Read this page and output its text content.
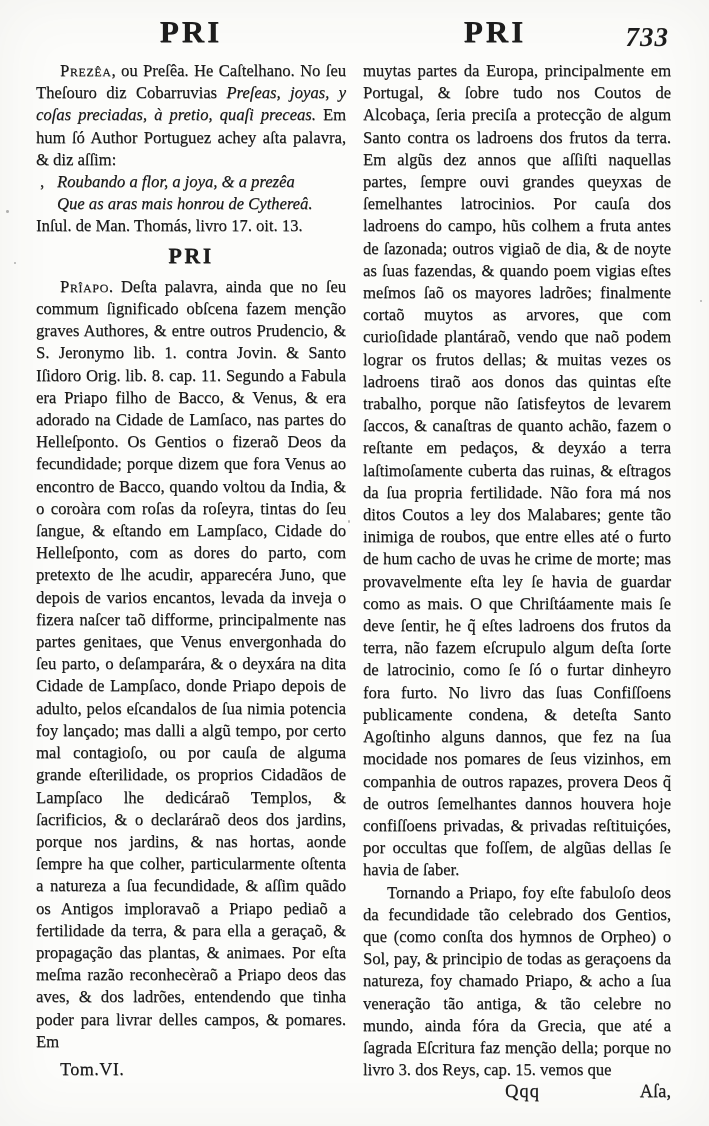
PRI	PRI	733

Prezêa, ou Preſêa. He Caſtelhano. No ſeu Theſouro diz Cobarruvias Preſeas, joyas, y coſas preciadas, à pretio, quaſi preceas. Em hum ſó Author Portuguez achey aſta palavra, & diz aſſim:

, Roubando a flor, a joya, & a prezêa
Que as aras mais honrou de Cythereâ.

Inſul. de Man. Thomás, livro 17. oit. 13.

PRI

Prîapo. Deſta palavra, ainda que no ſeu commum ſignificado obſcena fazem menção graves Authores, & entre outros Prudencio, & S. Jeronymo lib. 1. contra Jovin. & Santo Iſidoro Orig. lib. 8. cap. 11. Segundo a Fabula era Priapo filho de Bacco, & Venus, & era adorado na Cidade de Lamſaco, nas partes do Helleſponto. Os Gentios o fizeraõ Deos da fecundidade; porque dizem que fora Venus ao encontro de Bacco, quando voltou da India, & o coroàra com roſas da roſeyra, tintas do ſeu ſangue, & eſtando em Lampſaco, Cidade do Helleſponto, com as dores do parto, com pretexto de lhe acudir, apparecéra Juno, que depois de varios encantos, levada da inveja o fizera naſcer taõ difforme, principalmente nas partes genitaes, que Venus envergonhada do ſeu parto, o deſamparára, & o deyxára na dita Cidade de Lampſaco, donde Priapo depois de adulto, pelos eſcandalos de ſua nimia potencia foy lançado; mas dalli a algũ tempo, por certo mal contagioſo, ou por cauſa de alguma grande eſterilidade, os proprios Cidadãos de Lampſaco lhe dedicáraõ Templos, & ſacrificios, & o declaráraõ deos dos jardins, porque nos jardins, & nas hortas, aonde ſempre ha que colher, particularmente oſtenta a natureza a ſua fecundidade, & aſſim quãdo os Antigos imploravaõ a Priapo pediaõ a fertilidade da terra, & para ella a geraçaõ, & propagação das plantas, & animaes. Por eſta meſma razão reconhecèraõ a Priapo deos das aves, & dos ladrões, entendendo que tinha poder para livrar delles campos, & pomares. Em

Tom.VI.

muytas partes da Europa, principalmente em Portugal, & ſobre tudo nos Coutos de Alcobaça, ſeria preciſa a protecção de algum Santo contra os ladroens dos frutos da terra. Em algũs dez annos que aſſiſti naquellas partes, ſempre ouvi grandes queyxas de ſemelhantes latrocinios. Por cauſa dos ladroens do campo, hũs colhem a fruta antes de ſazonada; outros vigiaõ de dia, & de noyte as ſuas fazendas, & quando poem vigias eſtes meſmos ſaõ os mayores ladrões; finalmente cortaõ muytos as arvores, que com curioſidade plantáraõ, vendo que naõ podem lograr os frutos dellas; & muitas vezes os ladroens tiraõ aos donos das quintas eſte trabalho, porque não ſatisfeytos de levarem ſaccos, & canaſtras de quanto achão, fazem o reſtante em pedaços, & deyxáo a terra laſtimoſamente cuberta das ruinas, & eſtragos da ſua propria fertilidade. Não fora má nos ditos Coutos a ley dos Malabares; gente tão inimiga de roubos, que entre elles até o furto de hum cacho de uvas he crime de morte; mas provavelmente eſta ley ſe havia de guardar como as mais. O que Chriſtáamente mais ſe deve ſentir, he q̃ eſtes ladroens dos frutos da terra, não fazem eſcrupulo algum deſta ſorte de latrocinio, como ſe ſó o furtar dinheyro fora furto. No livro das ſuas Confiſſoens publicamente condena, & deteſta Santo Agoſtinho alguns dannos, que fez na ſua mocidade nos pomares de ſeus vizinhos, em companhia de outros rapazes, provera Deos q̃ de outros ſemelhantes dannos houvera hoje confiſſoens privadas, & privadas reſtituiçóes, por occultas que foſſem, de algũas dellas ſe havia de ſaber.

Tornando a Priapo, foy eſte fabuloſo deos da fecundidade tão celebrado dos Gentios, que (como conſta dos hymnos de Orpheo) o Sol, pay, & principio de todas as geraçoens da natureza, foy chamado Priapo, & acho a ſua veneração tão antiga, & tão celebre no mundo, ainda fóra da Grecia, que até a ſagrada Eſcritura faz menção della; porque no livro 3. dos Reys, cap. 15. vemos que

Qqq	Aſa,
